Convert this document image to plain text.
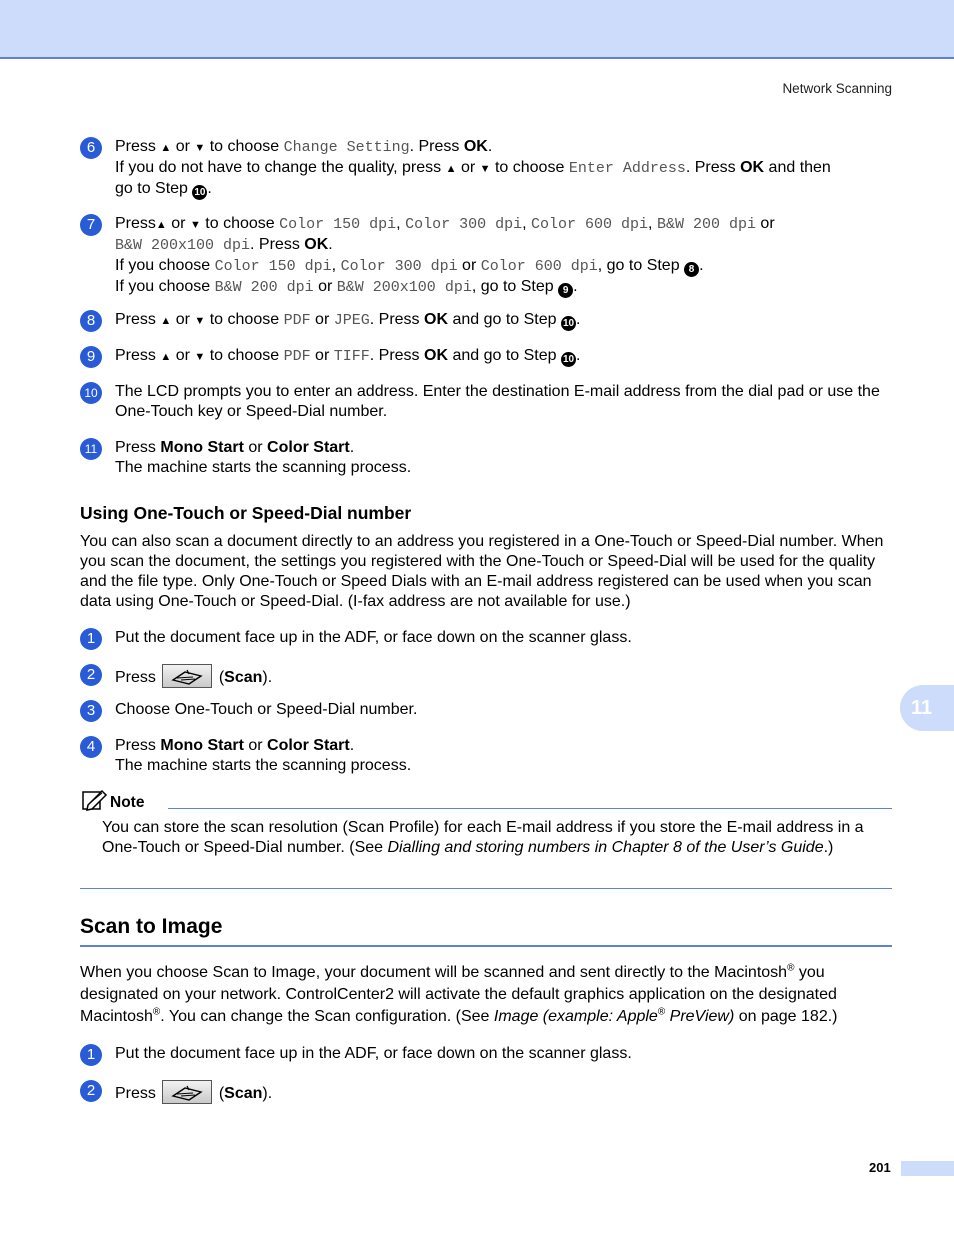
Network Scanning
6	Press ▲ or ▼ to choose Change Setting. Press OK.
If you do not have to change the quality, press ▲ or ▼ to choose Enter Address. Press OK and then
go to Step 10 .
7	Press▲ or ▼ to choose Color 150 dpi, Color 300 dpi, Color 600 dpi, B&W 200 dpi or
B&W 200x100 dpi. Press OK.
If you choose Color 150 dpi, Color 300 dpi or Color 600 dpi, go to Step 8 .
If you choose B&W 200 dpi or B&W 200x100 dpi, go to Step 9 .
8	Press ▲ or ▼ to choose PDF or JPEG. Press OK and go to Step 10 .
9	Press ▲ or ▼ to choose PDF or TIFF. Press OK and go to Step 10 .
10 The LCD prompts you to enter an address. Enter the destination E-mail address from the dial pad or use the One-Touch key or Speed-Dial number.
11 Press Mono Start or Color Start.
The machine starts the scanning process.
Using One-Touch or Speed-Dial number
You can also scan a document directly to an address you registered in a One-Touch or Speed-Dial number. When you scan the document, the settings you registered with the One-Touch or Speed-Dial will be used for the quality and the file type. Only One-Touch or Speed Dials with an E-mail address registered can be used when you scan data using One-Touch or Speed-Dial. (I-fax address are not available for use.)
1	Put the document face up in the ADF, or face down on the scanner glass.
2	Press	(Scan).
3	Choose One-Touch or Speed-Dial number.
4	Press Mono Start or Color Start.
The machine starts the scanning process.
Note
You can store the scan resolution (Scan Profile) for each E-mail address if you store the E-mail address in a One-Touch or Speed-Dial number. (See Dialling and storing numbers in Chapter 8 of the User’s Guide.)
Scan to Image
When you choose Scan to Image, your document will be scanned and sent directly to the Macintosh® you designated on your network. ControlCenter2 will activate the default graphics application on the designated Macintosh®. You can change the Scan configuration. (See Image (example: Apple® PreView) on page 182.)
1	Put the document face up in the ADF, or face down on the scanner glass.
2	Press	(Scan).
11
201
